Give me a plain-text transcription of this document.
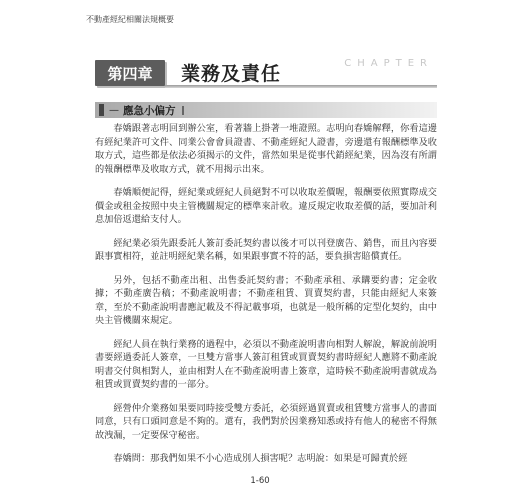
不動產經紀相關法規概要
第四章	業務及責任	CHAPTER
— 應急小偏方

春嬌跟著志明回到辦公室，看著牆上掛著一堆證照。志明向春嬌解釋，你看這邊有經紀業許可文件、同業公會會員證書、不動產經紀人證書，旁邊還有報酬標準及收取方式，這些都是依法必須揭示的文件，當然如果是從事代銷經紀業，因為沒有所謂的報酬標準及收取方式，就不用揭示出來。

春嬌順便記得，經紀業或經紀人員絕對不可以收取差價喔，報酬要依照實際成交價金或租金按照中央主管機關規定的標準來計收。違反規定收取差價的話，要加計利息加倍返還給支付人。

經紀業必須先跟委託人簽訂委託契約書以後才可以刊登廣告、銷售，而且內容要跟事實相符，並註明經紀業名稱，如果跟事實不符的話，要負損害賠償責任。

另外，包括不動產出租、出售委託契約書；不動產承租、承購要約書；定金收據；不動產廣告稿；不動產說明書；不動產租賃、買賣契約書，只能由經紀人來簽章，至於不動產說明書應記載及不得記載事項，也就是一般所稱的定型化契約，由中央主管機關來規定。

經紀人員在執行業務的過程中，必須以不動產說明書向相對人解說，解說前說明書要經過委託人簽章，一旦雙方當事人簽訂租賃或買賣契約書時經紀人應將不動產說明書交付與相對人，並由相對人在不動產說明書上簽章，這時候不動產說明書就成為租賃或買賣契約書的一部分。

經營仲介業務如果要同時接受雙方委託，必須經過買賣或租賃雙方當事人的書面同意，只有口頭同意是不夠的。還有，我們對於因業務知悉或持有他人的秘密不得無故洩漏，一定要保守秘密。

春嬌問：那我們如果不小心造成別人損害呢？志明說：如果是可歸責於經

1-60
